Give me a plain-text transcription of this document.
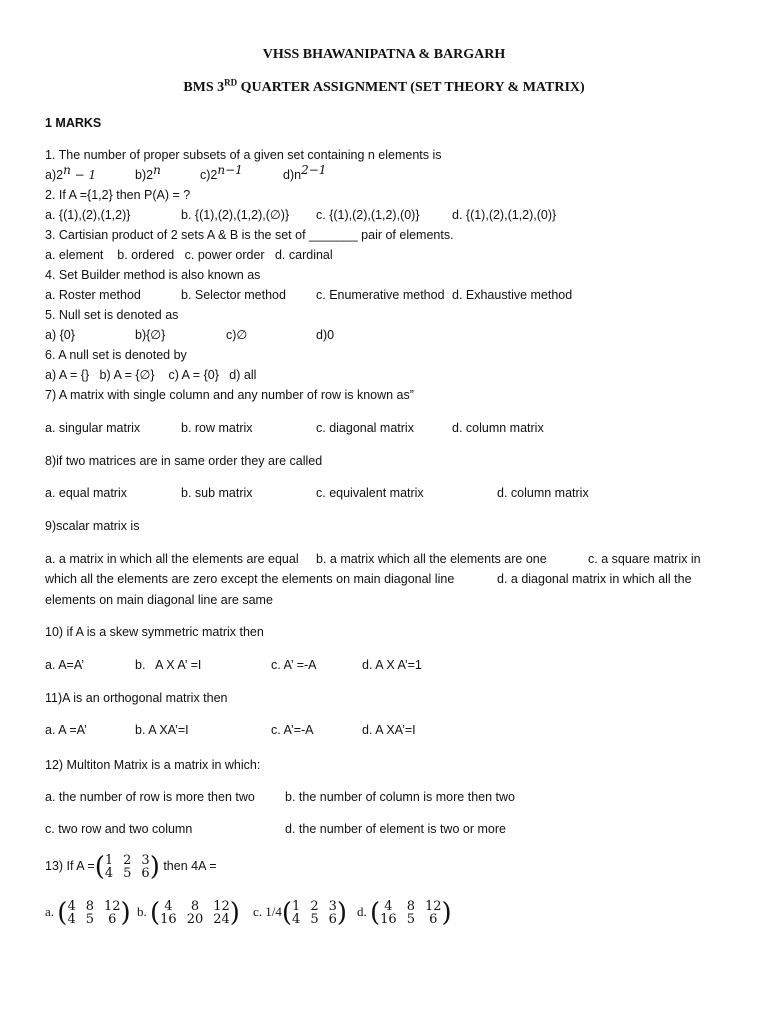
VHSS BHAWANIPATNA & BARGARH
BMS 3RD QUARTER ASSIGNMENT (SET THEORY & MATRIX)
1 MARKS
1. The number of proper subsets of a given set containing n elements is
$a)2^n - 1$	b)2$^n$	$c)2^{n-1}$	$d)n^{2-1}$
2. If A ={1,2} then P(A) = ?
a. {(1),(2),(1,2)}	b. {(1),(2),(1,2),(∅)} c. {(1),(2),(1,2),(0)}	d. {(1),(2),(1,2),(0)}
3. Cartisian product of 2 sets A & B is the set of _______ pair of elements.
a. element    b. ordered   c. power order   d. cardinal
4. Set Builder method is also known as
a. Roster method	b. Selector method c. Enumerative method d. Exhaustive method
5. Null set is denoted as
a) {0}	b){∅}	c)∅	d)0
6. A null set is denoted by
a) A = {}   b) A = {∅}    c) A = {0}   d) all
7) A matrix with single column and any number of row is known as”
a. singular matrix	b. row matrix	c. diagonal matrix	d. column matrix
8)if two matrices are in same order they are called
a. equal matrix	b. sub matrix	c. equivalent matrix	d. column matrix
9)scalar matrix is
a. a matrix in which all the elements are equal b. a matrix which all the elements are one	c. a square matrix in
which all the elements are zero except the elements on main diagonal line	d. a diagonal matrix in which all the
elements on main diagonal line are same
10) if A is a skew symmetric matrix then
a. A=A’	b.   A X A’ =I	c. A’ =-A	d. A X A’=1
11)A is an orthogonal matrix then
a. A =A’	b. A XA’=I	c. A’=-A	d. A XA’=I
12) Multiton Matrix is a matrix in which:
a. the number of row is more then two b. the number of column is more then two
c. two row and two column	d. the number of element is two or more
13) If A = ( 1 2 3
4 5 6 ) then 4A =
a. ( 4 8 12
4 5	6 ) b. ( 4	8	12
16 20 24 ) c. 1/4 ( 1 2 3
4 5 6 ) d. ( 4	8 12
16 5	6 )
